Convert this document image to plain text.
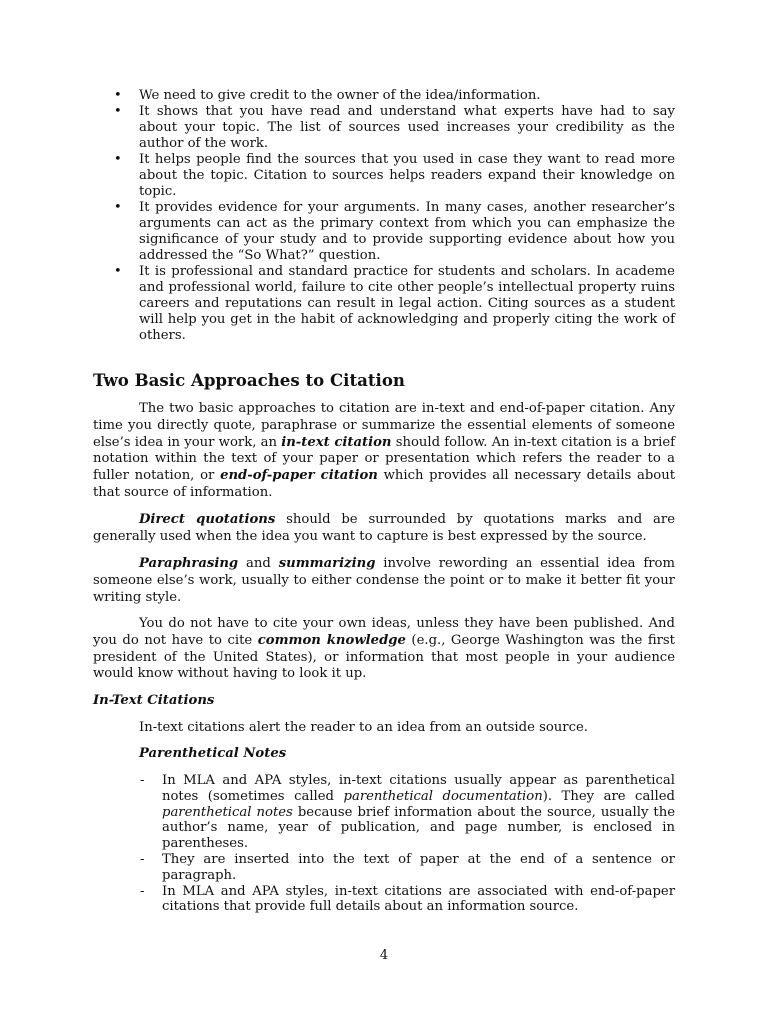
• We need to give credit to the owner of the idea/information.
• It shows that you have read and understand what experts have had to say about your topic. The list of sources used increases your credibility as the author of the work.
• It helps people find the sources that you used in case they want to read more about the topic. Citation to sources helps readers expand their knowledge on topic.
• It provides evidence for your arguments. In many cases, another researcher’s arguments can act as the primary context from which you can emphasize the significance of your study and to provide supporting evidence about how you addressed the “So What?” question.
• It is professional and standard practice for students and scholars. In academe and professional world, failure to cite other people’s intellectual property ruins careers and reputations can result in legal action. Citing sources as a student will help you get in the habit of acknowledging and properly citing the work of others.
Two Basic Approaches to Citation

The two basic approaches to citation are in-text and end-of-paper citation. Any time you directly quote, paraphrase or summarize the essential elements of someone else’s idea in your work, an in-text citation should follow. An in-text citation is a brief notation within the text of your paper or presentation which refers the reader to a fuller notation, or end-of-paper citation which provides all necessary details about that source of information.

Direct quotations should be surrounded by quotations marks and are generally used when the idea you want to capture is best expressed by the source.

Paraphrasing and summarizing involve rewording an essential idea from someone else’s work, usually to either condense the point or to make it better fit your writing style.

You do not have to cite your own ideas, unless they have been published. And you do not have to cite common knowledge (e.g., George Washington was the first president of the United States), or information that most people in your audience would know without having to look it up.

In-Text Citations

In-text citations alert the reader to an idea from an outside source.

Parenthetical Notes

- In MLA and APA styles, in-text citations usually appear as parenthetical notes (sometimes called parenthetical documentation). They are called parenthetical notes because brief information about the source, usually the author’s name, year of publication, and page number, is enclosed in parentheses.
- They are inserted into the text of paper at the end of a sentence or paragraph.
- In MLA and APA styles, in-text citations are associated with end-of-paper citations that provide full details about an information source.
4
